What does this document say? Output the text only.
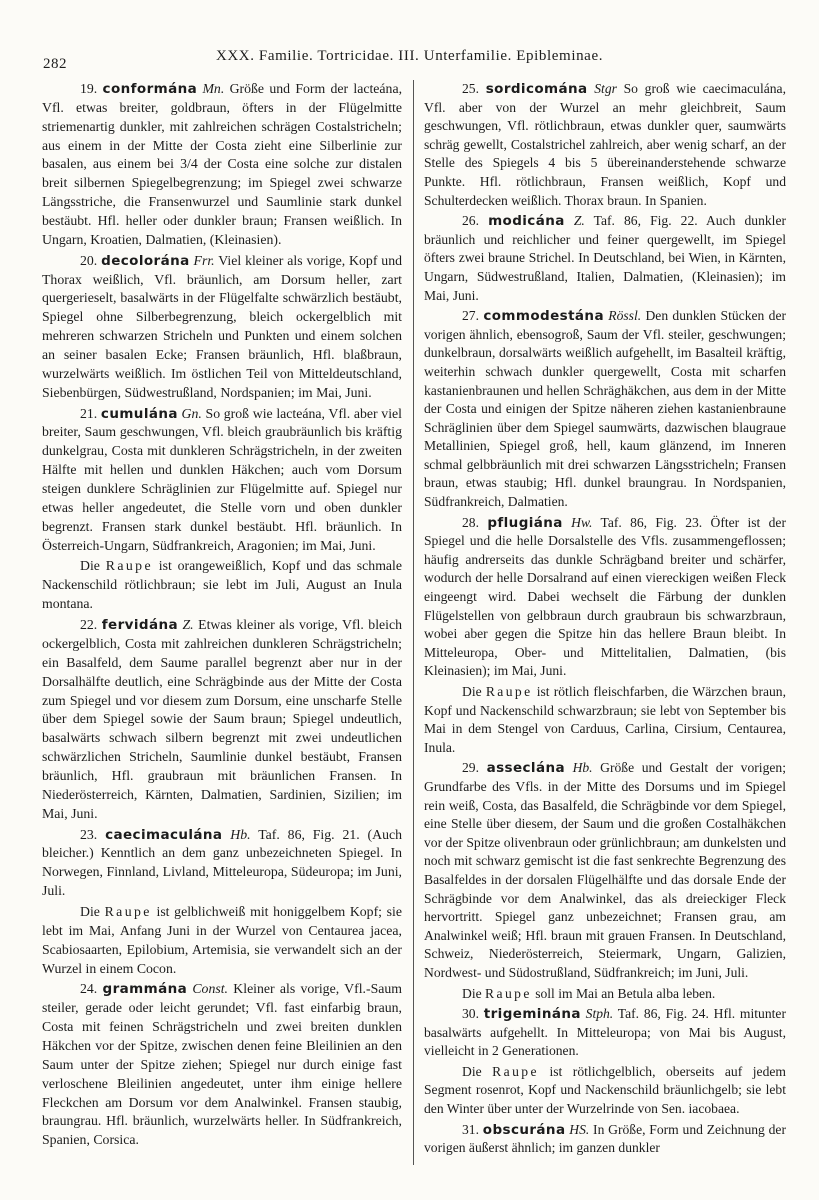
282	XXX. Familie. Tortricidae. III. Unterfamilie. Epibleminae.

19. conformána Mn. Größe und Form der lacteána, Vfl. etwas breiter, goldbraun, öfters in der Flügelmitte striemenartig dunkler, mit zahlreichen schrägen Costalstricheln; aus einem in der Mitte der Costa zieht eine Silberlinie zur basalen, aus einem bei 3/4 der Costa eine solche zur distalen breit silbernen Spiegelbegrenzung; im Spiegel zwei schwarze Längsstriche, die Fransenwurzel und Saumlinie stark dunkel bestäubt. Hfl. heller oder dunkler braun; Fransen weißlich. In Ungarn, Kroatien, Dalmatien, (Kleinasien).

20. decolorána Frr. Viel kleiner als vorige, Kopf und Thorax weißlich, Vfl. bräunlich, am Dorsum heller, zart quergerieselt, basalwärts in der Flügelfalte schwärzlich bestäubt, Spiegel ohne Silberbegrenzung, bleich ockergelblich mit mehreren schwarzen Stricheln und Punkten und einem solchen an seiner basalen Ecke; Fransen bräunlich, Hfl. blaßbraun, wurzelwärts weißlich. Im östlichen Teil von Mitteldeutschland, Siebenbürgen, Südwestrußland, Nordspanien; im Mai, Juni.

21. cumulána Gn. So groß wie lacteána, Vfl. aber viel breiter, Saum geschwungen, Vfl. bleich graubräunlich bis kräftig dunkelgrau, Costa mit dunkleren Schrägstricheln, in der zweiten Hälfte mit hellen und dunklen Häkchen; auch vom Dorsum steigen dunklere Schräglinien zur Flügelmitte auf. Spiegel nur etwas heller angedeutet, die Stelle vorn und oben dunkler begrenzt. Fransen stark dunkel bestäubt. Hfl. bräunlich. In Österreich-Ungarn, Südfrankreich, Aragonien; im Mai, Juni.

Die Raupe ist orangeweißlich, Kopf und das schmale Nackenschild rötlichbraun; sie lebt im Juli, August an Inula montana.

22. fervidána Z. Etwas kleiner als vorige, Vfl. bleich ockergelblich, Costa mit zahlreichen dunkleren Schrägstricheln; ein Basalfeld, dem Saume parallel begrenzt aber nur in der Dorsalhälfte deutlich, eine Schrägbinde aus der Mitte der Costa zum Spiegel und vor diesem zum Dorsum, eine unscharfe Stelle über dem Spiegel sowie der Saum braun; Spiegel undeutlich, basalwärts schwach silbern begrenzt mit zwei undeutlichen schwärzlichen Stricheln, Saumlinie dunkel bestäubt, Fransen bräunlich, Hfl. graubraun mit bräunlichen Fransen. In Niederösterreich, Kärnten, Dalmatien, Sardinien, Sizilien; im Mai, Juni.

23. caecimaculána Hb. Taf. 86, Fig. 21. (Auch bleicher.) Kenntlich an dem ganz unbezeichneten Spiegel. In Norwegen, Finnland, Livland, Mitteleuropa, Südeuropa; im Juni, Juli.

Die Raupe ist gelblichweiß mit honiggelbem Kopf; sie lebt im Mai, Anfang Juni in der Wurzel von Centaurea jacea, Scabiosaarten, Epilobium, Artemisia, sie verwandelt sich an der Wurzel in einem Cocon.

24. grammána Const. Kleiner als vorige, Vfl.-Saum steiler, gerade oder leicht gerundet; Vfl. fast einfarbig braun, Costa mit feinen Schrägstricheln und zwei breiten dunklen Häkchen vor der Spitze, zwischen denen feine Bleilinien an den Saum unter der Spitze ziehen; Spiegel nur durch einige fast verloschene Bleilinien angedeutet, unter ihm einige hellere Fleckchen am Dorsum vor dem Analwinkel. Fransen staubig, braungrau. Hfl. bräunlich, wurzelwärts heller. In Südfrankreich, Spanien, Corsica.

25. sordicomána Stgr So groß wie caecimaculána, Vfl. aber von der Wurzel an mehr gleichbreit, Saum geschwungen, Vfl. rötlichbraun, etwas dunkler quer, saumwärts schräg gewellt, Costalstrichel zahlreich, aber wenig scharf, an der Stelle des Spiegels 4 bis 5 übereinanderstehende schwarze Punkte. Hfl. rötlichbraun, Fransen weißlich, Kopf und Schulterdecken weißlich. Thorax braun. In Spanien.

26. modicána Z. Taf. 86, Fig. 22. Auch dunkler bräunlich und reichlicher und feiner quergewellt, im Spiegel öfters zwei braune Strichel. In Deutschland, bei Wien, in Kärnten, Ungarn, Südwestrußland, Italien, Dalmatien, (Kleinasien); im Mai, Juni.

27. commodestána Rössl. Den dunklen Stücken der vorigen ähnlich, ebensogroß, Saum der Vfl. steiler, geschwungen; dunkelbraun, dorsalwärts weißlich aufgehellt, im Basalteil kräftig, weiterhin schwach dunkler quergewellt, Costa mit scharfen kastanienbraunen und hellen Schräghäkchen, aus dem in der Mitte der Costa und einigen der Spitze näheren ziehen kastanienbraune Schräglinien über dem Spiegel saumwärts, dazwischen blaugraue Metallinien, Spiegel groß, hell, kaum glänzend, im Inneren schmal gelbbräunlich mit drei schwarzen Längsstricheln; Fransen braun, etwas staubig; Hfl. dunkel braungrau. In Nordspanien, Südfrankreich, Dalmatien.

28. pflugiána Hw. Taf. 86, Fig. 23. Öfter ist der Spiegel und die helle Dorsalstelle des Vfls. zusammengeflossen; häufig andrerseits das dunkle Schrägband breiter und schärfer, wodurch der helle Dorsalrand auf einen viereckigen weißen Fleck eingeengt wird. Dabei wechselt die Färbung der dunklen Flügelstellen von gelbbraun durch graubraun bis schwarzbraun, wobei aber gegen die Spitze hin das hellere Braun bleibt. In Mitteleuropa, Ober- und Mittelitalien, Dalmatien, (bis Kleinasien); im Mai, Juni.

Die Raupe ist rötlich fleischfarben, die Wärzchen braun, Kopf und Nackenschild schwarzbraun; sie lebt von September bis Mai in dem Stengel von Carduus, Carlina, Cirsium, Centaurea, Inula.

29. asseclána Hb. Größe und Gestalt der vorigen; Grundfarbe des Vfls. in der Mitte des Dorsums und im Spiegel rein weiß, Costa, das Basalfeld, die Schrägbinde vor dem Spiegel, eine Stelle über diesem, der Saum und die großen Costalhäkchen vor der Spitze olivenbraun oder grünlichbraun; am dunkelsten und noch mit schwarz gemischt ist die fast senkrechte Begrenzung des Basalfeldes in der dorsalen Flügelhälfte und das dorsale Ende der Schrägbinde vor dem Analwinkel, das als dreieckiger Fleck hervortritt. Spiegel ganz unbezeichnet; Fransen grau, am Analwinkel weiß; Hfl. braun mit grauen Fransen. In Deutschland, Schweiz, Niederösterreich, Steiermark, Ungarn, Galizien, Nordwest- und Südostrußland, Südfrankreich; im Juni, Juli.

Die Raupe soll im Mai an Betula alba leben.

30. trigeminána Stph. Taf. 86, Fig. 24. Hfl. mitunter basalwärts aufgehellt. In Mitteleuropa; von Mai bis August, vielleicht in 2 Generationen.

Die Raupe ist rötlichgelblich, oberseits auf jedem Segment rosenrot, Kopf und Nackenschild bräunlichgelb; sie lebt den Winter über unter der Wurzelrinde von Sen. iacobaea.

31. obscurána HS. In Größe, Form und Zeichnung der vorigen äußerst ähnlich; im ganzen dunkler
